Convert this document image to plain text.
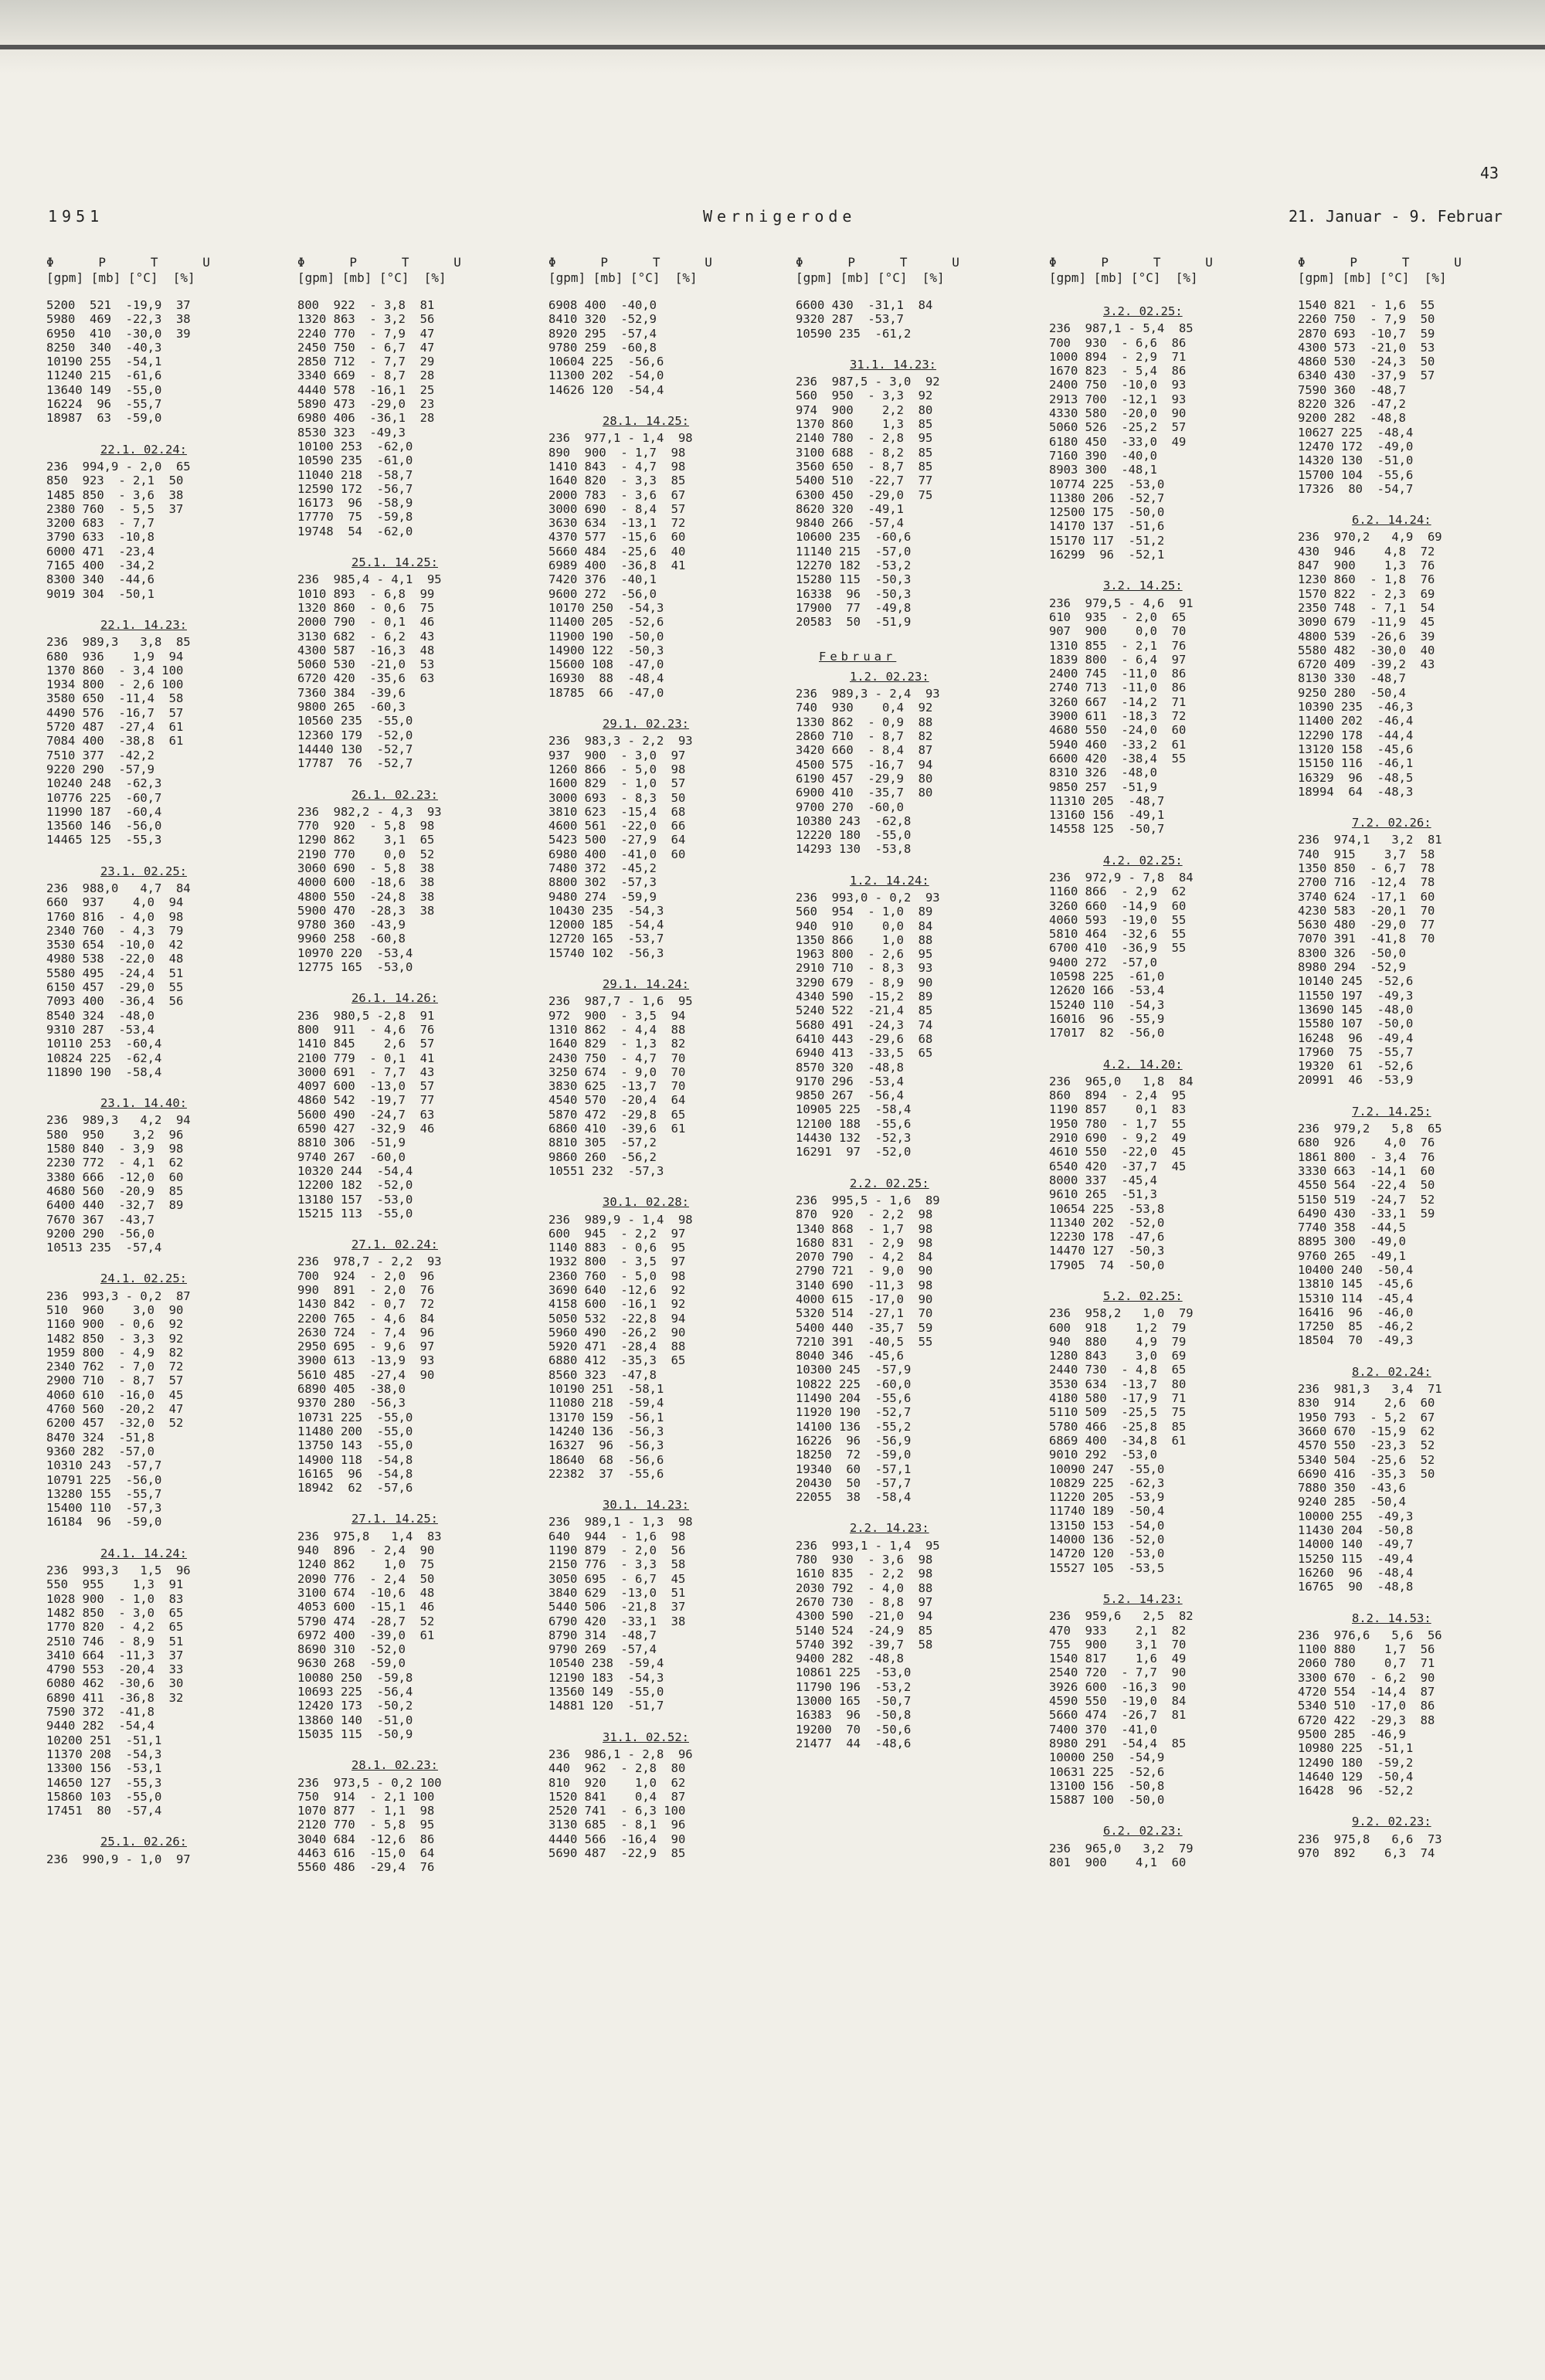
43
1951	Wernigerode	21. Januar - 9. Februar
Φ      P      T      U
[gpm] [mb] [°C]  [%]
5200  521  -19,9  37
5980  469  -22,3  38
6950  410  -30,0  39
8250  340  -40,3
10190 255  -54,1
11240 215  -61,6
13640 149  -55,0
16224  96  -55,7
18987  63  -59,0
22.1. 02.24:
236  994,9 - 2,0  65
850  923  - 2,1  50
1485 850  - 3,6  38
2380 760  - 5,5  37
3200 683  - 7,7
3790 633  -10,8
6000 471  -23,4
7165 400  -34,2
8300 340  -44,6
9019 304  -50,1
22.1. 14.23:
236  989,3   3,8  85
680  936    1,9  94
1370 860  - 3,4 100
1934 800  - 2,6 100
3580 650  -11,4  58
4490 576  -16,7  57
5720 487  -27,4  61
7084 400  -38,8  61
7510 377  -42,2
9220 290  -57,9
10240 248  -62,3
10776 225  -60,7
11990 187  -60,4
13560 146  -56,0
14465 125  -55,3
23.1. 02.25:
236  988,0   4,7  84
660  937    4,0  94
1760 816  - 4,0  98
2340 760  - 4,3  79
3530 654  -10,0  42
4980 538  -22,0  48
5580 495  -24,4  51
6150 457  -29,0  55
7093 400  -36,4  56
8540 324  -48,0
9310 287  -53,4
10110 253  -60,4
10824 225  -62,4
11890 190  -58,4
23.1. 14.40:
236  989,3   4,2  94
580  950    3,2  96
1580 840  - 3,9  98
2230 772  - 4,1  62
3380 666  -12,0  60
4680 560  -20,9  85
6400 440  -32,7  89
7670 367  -43,7
9200 290  -56,0
10513 235  -57,4
24.1. 02.25:
236  993,3 - 0,2  87
510  960    3,0  90
1160 900  - 0,6  92
1482 850  - 3,3  92
1959 800  - 4,9  82
2340 762  - 7,0  72
2900 710  - 8,7  57
4060 610  -16,0  45
4760 560  -20,2  47
6200 457  -32,0  52
8470 324  -51,8
9360 282  -57,0
10310 243  -57,7
10791 225  -56,0
13280 155  -55,7
15400 110  -57,3
16184  96  -59,0
24.1. 14.24:
236  993,3   1,5  96
550  955    1,3  91
1028 900  - 1,0  83
1482 850  - 3,0  65
1770 820  - 4,2  65
2510 746  - 8,9  51
3410 664  -11,3  37
4790 553  -20,4  33
6080 462  -30,6  30
6890 411  -36,8  32
7590 372  -41,8
9440 282  -54,4
10200 251  -51,1
11370 208  -54,3
13300 156  -53,1
14650 127  -55,3
15860 103  -55,0
17451  80  -57,4
25.1. 02.26:
236  990,9 - 1,0  97
Φ      P      T      U
[gpm] [mb] [°C]  [%]
800  922  - 3,8  81
1320 863  - 3,2  56
2240 770  - 7,9  47
2450 750  - 6,7  47
2850 712  - 7,7  29
3340 669  - 8,7  28
4440 578  -16,1  25
5890 473  -29,0  23
6980 406  -36,1  28
8530 323  -49,3
10100 253  -62,0
10590 235  -61,0
11040 218  -58,7
12590 172  -56,7
16173  96  -58,9
17770  75  -59,8
19748  54  -62,0
25.1. 14.25:
236  985,4 - 4,1  95
1010 893  - 6,8  99
1320 860  - 0,6  75
2000 790  - 0,1  46
3130 682  - 6,2  43
4300 587  -16,3  48
5060 530  -21,0  53
6720 420  -35,6  63
7360 384  -39,6
9800 265  -60,3
10560 235  -55,0
12360 179  -52,0
14440 130  -52,7
17787  76  -52,7
26.1. 02.23:
236  982,2 - 4,3  93
770  920  - 5,8  98
1290 862    3,1  65
2190 770    0,0  52
3060 690  - 5,8  38
4000 600  -18,6  38
4800 550  -24,8  38
5900 470  -28,3  38
9780 360  -43,9
9960 258  -60,8
10970 220  -53,4
12775 165  -53,0
26.1. 14.26:
236  980,5 -2,8  91
800  911  - 4,6  76
1410 845    2,6  57
2100 779  - 0,1  41
3000 691  - 7,7  43
4097 600  -13,0  57
4860 542  -19,7  77
5600 490  -24,7  63
6590 427  -32,9  46
8810 306  -51,9
9740 267  -60,0
10320 244  -54,4
12200 182  -52,0
13180 157  -53,0
15215 113  -55,0
27.1. 02.24:
236  978,7 - 2,2  93
700  924  - 2,0  96
990  891  - 2,0  76
1430 842  - 0,7  72
2200 765  - 4,6  84
2630 724  - 7,4  96
2950 695  - 9,6  97
3900 613  -13,9  93
5610 485  -27,4  90
6890 405  -38,0
9370 280  -56,3
10731 225  -55,0
11480 200  -55,0
13750 143  -55,0
14900 118  -54,8
16165  96  -54,8
18942  62  -57,6
27.1. 14.25:
236  975,8   1,4  83
940  896  - 2,4  90
1240 862    1,0  75
2090 776  - 2,4  50
3100 674  -10,6  48
4053 600  -15,1  46
5790 474  -28,7  52
6972 400  -39,0  61
8690 310  -52,0
9630 268  -59,0
10080 250  -59,8
10693 225  -56,4
12420 173  -50,2
13860 140  -51,0
15035 115  -50,9
28.1. 02.23:
236  973,5 - 0,2 100
750  914  - 2,1 100
1070 877  - 1,1  98
2120 770  - 5,8  95
3040 684  -12,6  86
4463 616  -15,0  64
5560 486  -29,4  76
Φ      P      T      U
[gpm] [mb] [°C]  [%]
6908 400  -40,0
8410 320  -52,9
8920 295  -57,4
9780 259  -60,8
10604 225  -56,6
11300 202  -54,0
14626 120  -54,4
28.1. 14.25:
236  977,1 - 1,4  98
890  900  - 1,7  98
1410 843  - 4,7  98
1640 820  - 3,3  85
2000 783  - 3,6  67
3000 690  - 8,4  57
3630 634  -13,1  72
4370 577  -15,6  60
5660 484  -25,6  40
6989 400  -36,8  41
7420 376  -40,1
9600 272  -56,0
10170 250  -54,3
11400 205  -52,6
11900 190  -50,0
14900 122  -50,3
15600 108  -47,0
16930  88  -48,4
18785  66  -47,0
29.1. 02.23:
236  983,3 - 2,2  93
937  900  - 3,0  97
1260 866  - 5,0  98
1600 829  - 1,0  57
3000 693  - 8,3  50
3810 623  -15,4  68
4600 561  -22,0  66
5423 500  -27,9  64
6980 400  -41,0  60
7480 372  -45,2
8800 302  -57,3
9480 274  -59,9
10430 235  -54,3
12000 185  -54,4
12720 165  -53,7
15740 102  -56,3
29.1. 14.24:
236  987,7 - 1,6  95
972  900  - 3,5  94
1310 862  - 4,4  88
1640 829  - 1,3  82
2430 750  - 4,7  70
3250 674  - 9,0  70
3830 625  -13,7  70
4540 570  -20,4  64
5870 472  -29,8  65
6860 410  -39,6  61
8810 305  -57,2
9860 260  -56,2
10551 232  -57,3
30.1. 02.28:
236  989,9 - 1,4  98
600  945  - 2,2  97
1140 883  - 0,6  95
1932 800  - 3,5  97
2360 760  - 5,0  98
3690 640  -12,6  92
4158 600  -16,1  92
5050 532  -22,8  94
5960 490  -26,2  90
5920 471  -28,4  88
6880 412  -35,3  65
8560 323  -47,8
10190 251  -58,1
11080 218  -59,4
13170 159  -56,1
14240 136  -56,3
16327  96  -56,3
18640  68  -56,6
22382  37  -55,6
30.1. 14.23:
236  989,1 - 1,3  98
640  944  - 1,6  98
1190 879  - 2,0  56
2150 776  - 3,3  58
3050 695  - 6,7  45
3840 629  -13,0  51
5440 506  -21,8  37
6790 420  -33,1  38
8790 314  -48,7
9790 269  -57,4
10540 238  -59,4
12190 183  -54,3
13560 149  -55,0
14881 120  -51,7
31.1. 02.52:
236  986,1 - 2,8  96
440  962  - 2,8  80
810  920    1,0  62
1520 841    0,4  87
2520 741  - 6,3 100
3130 685  - 8,1  96
4440 566  -16,4  90
5690 487  -22,9  85
Φ      P      T      U
[gpm] [mb] [°C]  [%]
6600 430  -31,1  84
9320 287  -53,7
10590 235  -61,2
31.1. 14.23:
236  987,5 - 3,0  92
560  950  - 3,3  92
974  900    2,2  80
1370 860    1,3  85
2140 780  - 2,8  95
3100 688  - 8,2  85
3560 650  - 8,7  85
5400 510  -22,7  77
6300 450  -29,0  75
8620 320  -49,1
9840 266  -57,4
10600 235  -60,6
11140 215  -57,0
12270 182  -53,2
15280 115  -50,3
16338  96  -50,3
17900  77  -49,8
20583  50  -51,9
Februar
1.2. 02.23:
236  989,3 - 2,4  93
740  930    0,4  92
1330 862  - 0,9  88
2860 710  - 8,7  82
3420 660  - 8,4  87
4500 575  -16,7  94
6190 457  -29,9  80
6900 410  -35,7  80
9700 270  -60,0
10380 243  -62,8
12220 180  -55,0
14293 130  -53,8
1.2. 14.24:
236  993,0 - 0,2  93
560  954  - 1,0  89
940  910    0,0  84
1350 866    1,0  88
1963 800  - 2,6  95
2910 710  - 8,3  93
3290 679  - 8,9  90
4340 590  -15,2  89
5240 522  -21,4  85
5680 491  -24,3  74
6410 443  -29,6  68
6940 413  -33,5  65
8570 320  -48,8
9170 296  -53,4
9850 267  -56,4
10905 225  -58,4
12100 188  -55,6
14430 132  -52,3
16291  97  -52,0
2.2. 02.25:
236  995,5 - 1,6  89
870  920  - 2,2  98
1340 868  - 1,7  98
1680 831  - 2,9  98
2070 790  - 4,2  84
2790 721  - 9,0  90
3140 690  -11,3  98
4000 615  -17,0  90
5320 514  -27,1  70
5400 440  -35,7  59
7210 391  -40,5  55
8040 346  -45,6
10300 245  -57,9
10822 225  -60,0
11490 204  -55,6
11920 190  -52,7
14100 136  -55,2
16226  96  -56,9
18250  72  -59,0
19340  60  -57,1
20430  50  -57,7
22055  38  -58,4
2.2. 14.23:
236  993,1 - 1,4  95
780  930  - 3,6  98
1610 835  - 2,2  98
2030 792  - 4,0  88
2670 730  - 8,8  97
4300 590  -21,0  94
5140 524  -24,9  85
5740 392  -39,7  58
9400 282  -48,8
10861 225  -53,0
11790 196  -53,2
13000 165  -50,7
16383  96  -50,8
19200  70  -50,6
21477  44  -48,6
Φ      P      T      U
[gpm] [mb] [°C]  [%]
3.2. 02.25:
236  987,1 - 5,4  85
700  930  - 6,6  86
1000 894  - 2,9  71
1670 823  - 5,4  86
2400 750  -10,0  93
2913 700  -12,1  93
4330 580  -20,0  90
5060 526  -25,2  57
6180 450  -33,0  49
7160 390  -40,0
8903 300  -48,1
10774 225  -53,0
11380 206  -52,7
12500 175  -50,0
14170 137  -51,6
15170 117  -51,2
16299  96  -52,1
3.2. 14.25:
236  979,5 - 4,6  91
610  935  - 2,0  65
907  900    0,0  70
1310 855  - 2,1  76
1839 800  - 6,4  97
2400 745  -11,0  86
2740 713  -11,0  86
3260 667  -14,2  71
3900 611  -18,3  72
4680 550  -24,0  60
5940 460  -33,2  61
6600 420  -38,4  55
8310 326  -48,0
9850 257  -51,9
11310 205  -48,7
13160 156  -49,1
14558 125  -50,7
4.2. 02.25:
236  972,9 - 7,8  84
1160 866  - 2,9  62
3260 660  -14,9  60
4060 593  -19,0  55
5810 464  -32,6  55
6700 410  -36,9  55
9400 272  -57,0
10598 225  -61,0
12620 166  -53,4
15240 110  -54,3
16016  96  -55,9
17017  82  -56,0
4.2. 14.20:
236  965,0   1,8  84
860  894  - 2,4  95
1190 857    0,1  83
1950 780  - 1,7  55
2910 690  - 9,2  49
4610 550  -22,0  45
6540 420  -37,7  45
8000 337  -45,4
9610 265  -51,3
10654 225  -53,8
11340 202  -52,0
12230 178  -47,6
14470 127  -50,3
17905  74  -50,0
5.2. 02.25:
236  958,2   1,0  79
600  918    1,2  79
940  880    4,9  79
1280 843    3,0  69
2440 730  - 4,8  65
3530 634  -13,7  80
4180 580  -17,9  71
5110 509  -25,5  75
5780 466  -25,8  85
6869 400  -34,8  61
9010 292  -53,0
10090 247  -55,0
10829 225  -62,3
11220 205  -53,9
11740 189  -50,4
13150 153  -54,0
14000 136  -52,0
14720 120  -53,0
15527 105  -53,5
5.2. 14.23:
236  959,6   2,5  82
470  933    2,1  82
755  900    3,1  70
1540 817    1,6  49
2540 720  - 7,7  90
3926 600  -16,3  90
4590 550  -19,0  84
5660 474  -26,7  81
7400 370  -41,0
8980 291  -54,4  85
10000 250  -54,9
10631 225  -52,6
13100 156  -50,8
15887 100  -50,0
6.2. 02.23:
236  965,0   3,2  79
801  900    4,1  60
Φ      P      T      U
[gpm] [mb] [°C]  [%]
1540 821  - 1,6  55
2260 750  - 7,9  50
2870 693  -10,7  59
4300 573  -21,0  53
4860 530  -24,3  50
6340 430  -37,9  57
7590 360  -48,7
8220 326  -47,2
9200 282  -48,8
10627 225  -48,4
12470 172  -49,0
14320 130  -51,0
15700 104  -55,6
17326  80  -54,7
6.2. 14.24:
236  970,2   4,9  69
430  946    4,8  72
847  900    1,3  76
1230 860  - 1,8  76
1570 822  - 2,3  69
2350 748  - 7,1  54
3090 679  -11,9  45
4800 539  -26,6  39
5580 482  -30,0  40
6720 409  -39,2  43
8130 330  -48,7
9250 280  -50,4
10390 235  -46,3
11400 202  -46,4
12290 178  -44,4
13120 158  -45,6
15150 116  -46,1
16329  96  -48,5
18994  64  -48,3
7.2. 02.26:
236  974,1   3,2  81
740  915    3,7  58
1350 850  - 6,7  78
2700 716  -12,4  78
3740 624  -17,1  60
4230 583  -20,1  70
5630 480  -29,0  77
7070 391  -41,8  70
8300 326  -50,0
8980 294  -52,9
10140 245  -52,6
11550 197  -49,3
13690 145  -48,0
15580 107  -50,0
16248  96  -49,4
17960  75  -55,7
19320  61  -52,6
20991  46  -53,9
7.2. 14.25:
236  979,2   5,8  65
680  926    4,0  76
1861 800  - 3,4  76
3330 663  -14,1  60
4550 564  -22,4  50
5150 519  -24,7  52
6490 430  -33,1  59
7740 358  -44,5
8895 300  -49,0
9760 265  -49,1
10400 240  -50,4
13810 145  -45,6
15310 114  -45,4
16416  96  -46,0
17250  85  -46,2
18504  70  -49,3
8.2. 02.24:
236  981,3   3,4  71
830  914    2,6  60
1950 793  - 5,2  67
3660 670  -15,9  62
4570 550  -23,3  52
5340 504  -25,6  52
6690 416  -35,3  50
7880 350  -43,6
9240 285  -50,4
10000 255  -49,3
11430 204  -50,8
14000 140  -49,7
15250 115  -49,4
16260  96  -48,4
16765  90  -48,8
8.2. 14.53:
236  976,6   5,6  56
1100 880    1,7  56
2060 780    0,7  71
3300 670  - 6,2  90
4720 554  -14,4  87
5340 510  -17,0  86
6720 422  -29,3  88
9500 285  -46,9
10980 225  -51,1
12490 180  -59,2
14640 129  -50,4
16428  96  -52,2
9.2. 02.23:
236  975,8   6,6  73
970  892    6,3  74
